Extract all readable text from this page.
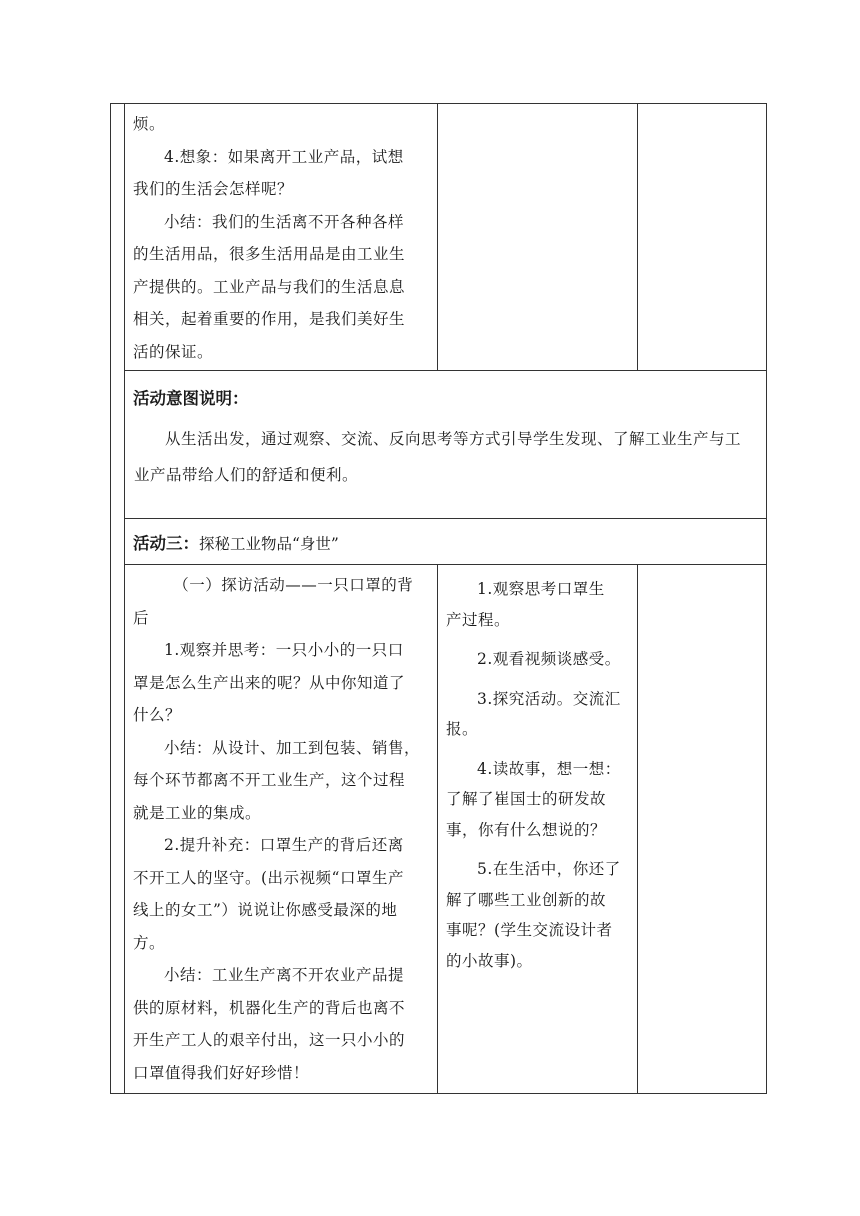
烦。

4.想象：如果离开工业产品，试想

我们的生活会怎样呢？

小结：我们的生活离不开各种各样

的生活用品，很多生活用品是由工业生

产提供的。工业产品与我们的生活息息

相关，起着重要的作用，是我们美好生

活的保证。

活动意图说明：
从生活出发，通过观察、交流、反向思考等方式引导学生发现、了解工业生产与工
业产品带给人们的舒适和便利。
活动三：探秘工业物品“身世”

（一）探访活动——一只口罩的背

后

1.观察并思考：一只小小的一只口

罩是怎么生产出来的呢？从中你知道了

什么？

小结：从设计、加工到包装、销售，

每个环节都离不开工业生产，这个过程

就是工业的集成。

2.提升补充：口罩生产的背后还离

不开工人的坚守。(出示视频“口罩生产

线上的女工”）说说让你感受最深的地

方。

小结：工业生产离不开农业产品提

供的原材料，机器化生产的背后也离不

开生产工人的艰辛付出，这一只小小的

口罩值得我们好好珍惜！

1.观察思考口罩生

产过程。

2.观看视频谈感受。

3.探究活动。交流汇

报。

4.读故事，想一想：

了解了崔国士的研发故

事，你有什么想说的？

5.在生活中，你还了

解了哪些工业创新的故

事呢？(学生交流设计者

的小故事)。
